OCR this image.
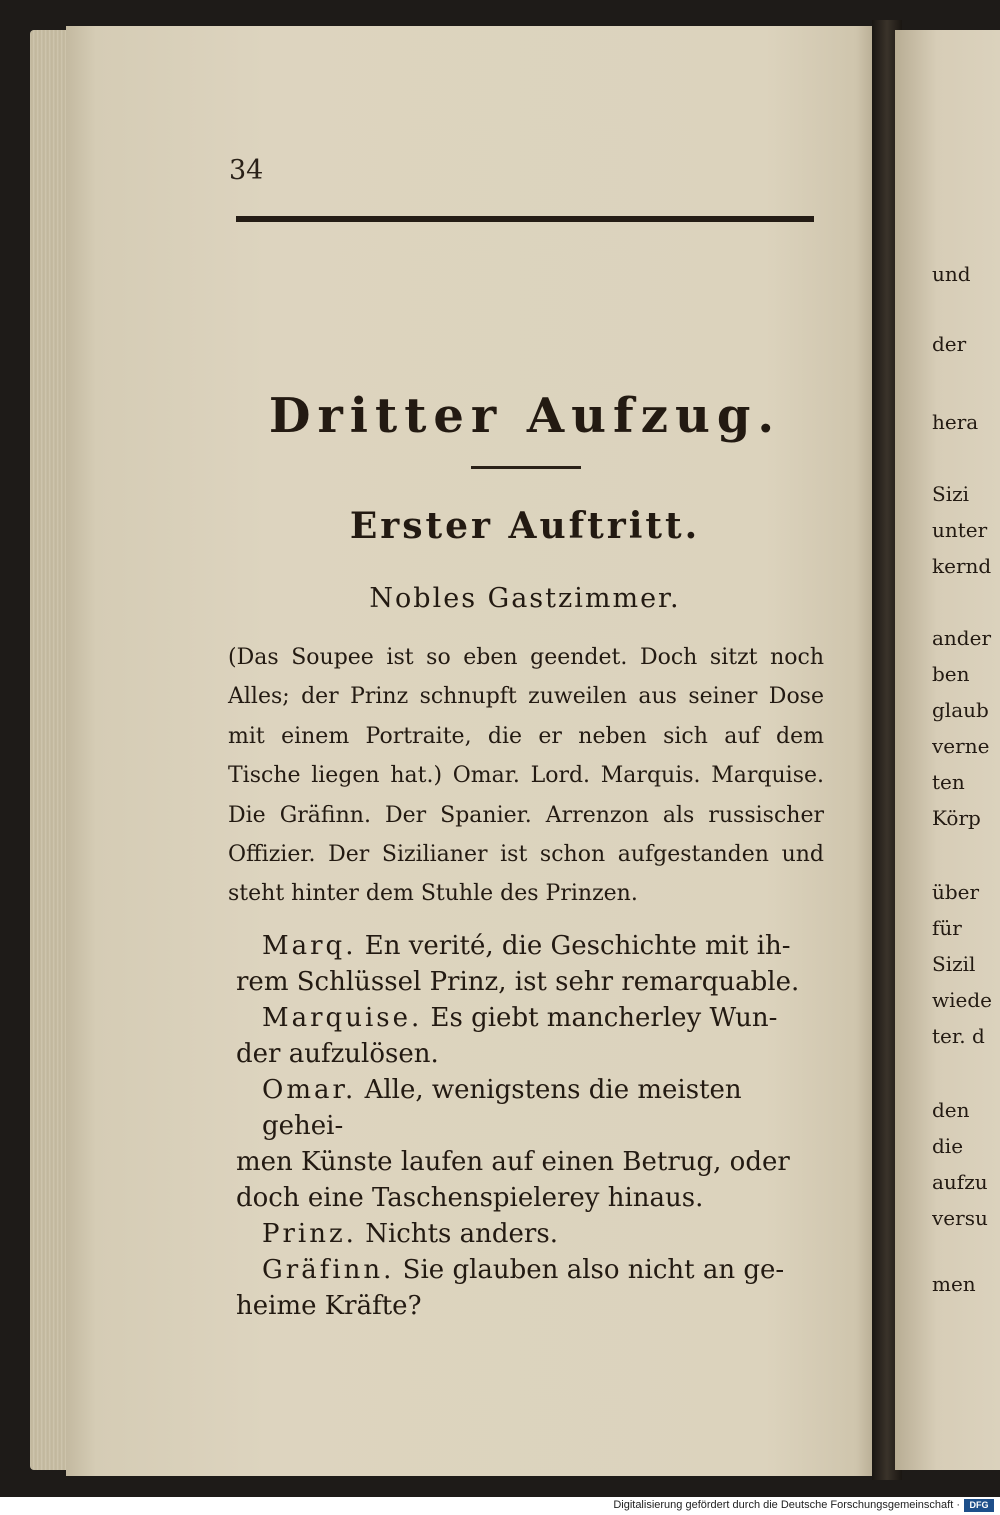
34
Dritter Aufzug.
Erster Auftritt.
Nobles Gastzimmer.
(Das Soupee ist so eben geendet. Doch sitzt noch Alles; der Prinz schnupft zuweilen aus seiner Dose mit einem Portraite, die er neben sich auf dem Tische liegen hat.) Omar. Lord. Marquis. Marquise. Die Gräfinn. Der Spanier. Arrenzon als russischer Offizier. Der Sizilianer ist schon aufgestanden und steht hinter dem Stuhle des Prinzen.
Marq. En verité, die Geschichte mit ih-
rem Schlüssel Prinz, ist sehr remarquable.
Marquise. Es giebt mancherley Wun-
der aufzulösen.
Omar. Alle, wenigstens die meisten gehei-
men Künste laufen auf einen Betrug, oder doch eine Taschenspielerey hinaus.
Prinz. Nichts anders.
Gräfinn. Sie glauben also nicht an ge-
heime Kräfte?
und
der
hera
Sizi
unter
kernd
ander
ben
glaub
verne
ten
Körp
über
für
Sizil
wiede
ter. d
den
die
aufzu
versu
men
Digitalisierung gefördert durch die Deutsche Forschungsgemeinschaft ·	DFG
